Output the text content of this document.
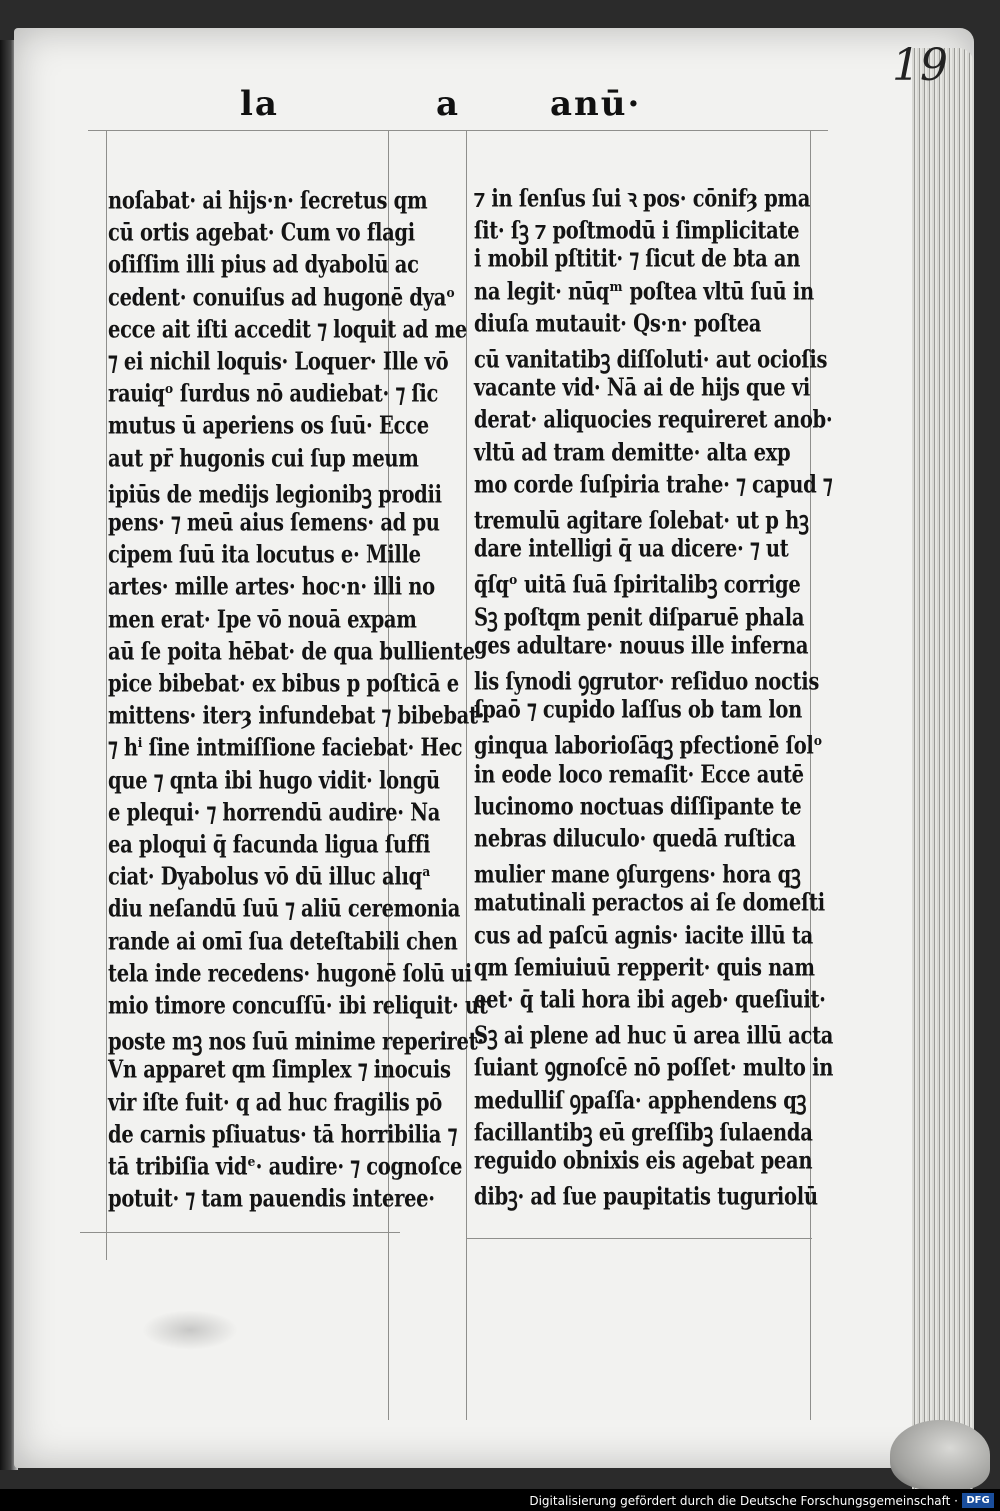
19
la	a	anū·
noſabat· ai hijs·n· ſecretus qm
cū ortis agebat· Cum vo flagi
oſiſſim illi pius ad dyabolū ac
cedent· conuiſus ad hugonē dyaᵒ
ecce ait iſti accedit ⁊ loquit ad me
⁊ ei nichil loquis· Loquer· Ille vō
rauiqᵒ ſurdus nō audiebat· ⁊ ſic
mutus ū aperiens os ſuū· Ecce
aut pr̄ hugonis cui ſup meum
ipiūs de medijs legionibꝫ prodii
pens· ⁊ meū aius ſemens· ad pu
cipem ſuū ita locutus e· Mille
artes· mille artes· hoc·n· illi no
men erat· Ipe vō nouā expam
aū ſe poita hēbat· de qua bulliente
pice bibebat· ex bibus p poſticā e
mittens· iterȝ infundebat ⁊ bibebat·
⁊ hⁱ ſine intmiſſione faciebat· Hec
que ⁊ qnta ibi hugo vidit· longū
e plequi· ⁊ horrendū audire· Na
ea ploqui q̄ facunda ligua ſuffi
ciat· Dyabolus vō dū illuc alıqᵃ
diu neſandū ſuū ⁊ aliū ceremonia
rande ai omī ſua deteſtabili chen
tela inde recedens· hugonē ſolū ui
mio timore concuſſū· ibi reliquit· ut
poste mꝫ nos ſuū minime reperiret·
Vn apparet qm ſimplex ⁊ inocuis
vir iſte fuit· q ad huc fragilis pō
de carnis pſiuatus· tā horribilia ⁊
tā tribiſia vidᵉ· audire· ⁊ cognoſce
potuit· ⁊ tam pauendis interee·
⁊ in ſenſus ſui ꝛ pos· cōnifȝ pma
ſit· ſꝫ ⁊ poſtmodū i ſimplicitate
i mobil pſtitit· ⁊ ſicut de bta an
na legit· nūqᵐ poſtea vltū ſuū in
diuſa mutauit· Qs·n· poſtea
cū vanitatibꝫ diſſoluti· aut ocioſis
vacante vid· Nā ai de hijs que vi
derat· aliquocies requireret anob·
vltū ad tram demitte· alta exp
mo corde ſuſpiria trahe· ⁊ capud ⁊
tremulū agitare ſolebat· ut p hꝫ
dare intelligi q̄ ua dicere· ⁊ ut
q̄ſqᵒ uitā ſuā ſpiritalibꝫ corrige
Sꝫ poſtqm penit diſparuē phala
ges adultare· nouus ille inferna
lis ſynodi ꝯgrutor· reſiduo noctis
ſpaō ⁊ cupido laſſus ob tam lon
ginqua laborioſāqꝫ pfectionē ſolᵒ
in eode loco remaſit· Ecce autē
lucinomo noctuas diſſipante te
nebras diluculo· quedā ruſtica
mulier mane ꝯſurgens· hora qꝫ
matutinali peractos ai ſe domeſti
cus ad paſcū agnis· iacite illū ta
qm ſemiuiuū repperit· quis nam
eet· q̄ tali hora ibi ageb· queſiuit·
Sꝫ ai plene ad huc ū area illū acta
ſuiant ꝯgnoſcē nō poſſet· multo in
medulliſ ꝯpaſſa· apphendens qꝫ
facillantibꝫ eū greſſibꝫ ſulaenda
reguido obnixis eis agebat pean
dibꝫ· ad ſue paupitatis tuguriolū
Digitalisierung gefördert durch die Deutsche Forschungsgemeinschaft · DFG
